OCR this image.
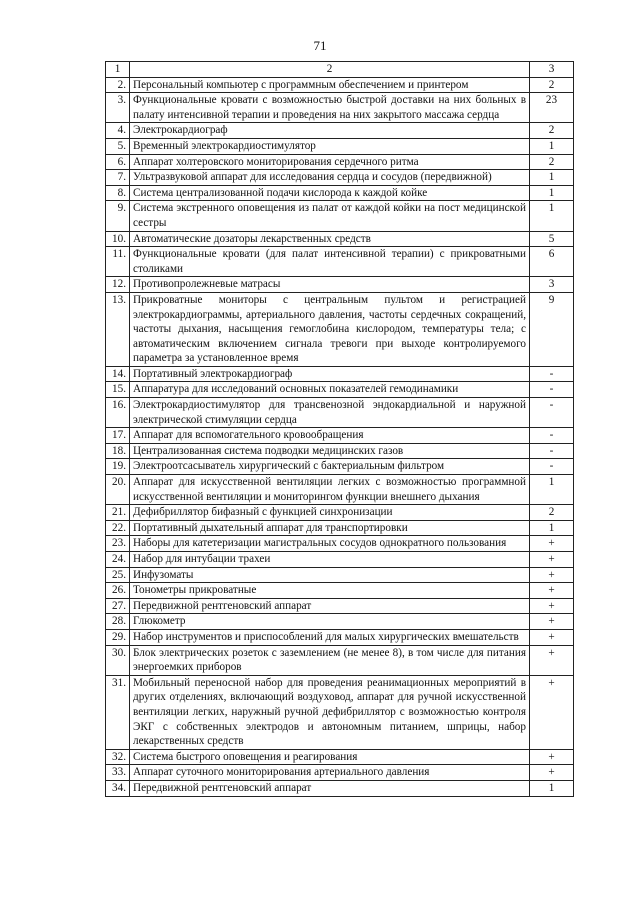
71
1	2	3
2.	Персональный компьютер с программным обеспечением и принтером	2
3.	Функциональные кровати с возможностью быстрой доставки на них больных в палату интенсивной терапии и проведения на них закрытого массажа сердца	23
4.	Электрокардиограф	2
5.	Временный электрокардиостимулятор	1
6.	Аппарат холтеровского мониторирования сердечного ритма	2
7.	Ультразвуковой аппарат для исследования сердца и сосудов (передвижной)	1
8.	Система централизованной подачи кислорода к каждой койке	1
9.	Система экстренного оповещения из палат от каждой койки на пост медицинской сестры	1
10.	Автоматические дозаторы лекарственных средств	5
11.	Функциональные кровати (для палат интенсивной терапии) с прикроватными столиками	6
12.	Противопролежневые матрасы	3
13.	Прикроватные мониторы с центральным пультом и регистрацией электрокардиограммы, артериального давления, частоты сердечных сокращений, частоты дыхания, насыщения гемоглобина кислородом, температуры тела; с автоматическим включением сигнала тревоги при выходе контролируемого параметра за установленное время	9
14.	Портативный электрокардиограф	-
15.	Аппаратура для исследований основных показателей гемодинамики	-
16.	Электрокардиостимулятор для трансвенозной эндокардиальной и наружной электрической стимуляции сердца	-
17.	Аппарат для вспомогательного кровообращения	-
18.	Централизованная система подводки медицинских газов	-
19.	Электроотсасыватель хирургический с бактериальным фильтром	-
20.	Аппарат для искусственной вентиляции легких с возможностью программной искусственной вентиляции и мониторингом функции внешнего дыхания	1
21.	Дефибриллятор бифазный с функцией синхронизации	2
22.	Портативный дыхательный аппарат для транспортировки	1
23.	Наборы для катетеризации магистральных сосудов однократного пользования	+
24.	Набор для интубации трахеи	+
25.	Инфузоматы	+
26.	Тонометры прикроватные	+
27.	Передвижной рентгеновский аппарат	+
28.	Глюкометр	+
29.	Набор инструментов и приспособлений для малых хирургических вмешательств	+
30.	Блок электрических розеток с заземлением (не менее 8), в том числе для питания энергоемких приборов	+
31.	Мобильный переносной набор для проведения реанимационных мероприятий в других отделениях, включающий воздуховод, аппарат для ручной искусственной вентиляции легких, наружный ручной дефибриллятор с возможностью контроля ЭКГ с собственных электродов и автономным питанием, шприцы, набор лекарственных средств	+
32.	Система быстрого оповещения и реагирования	+
33.	Аппарат суточного мониторирования артериального давления	+
34.	Передвижной рентгеновский аппарат	1
